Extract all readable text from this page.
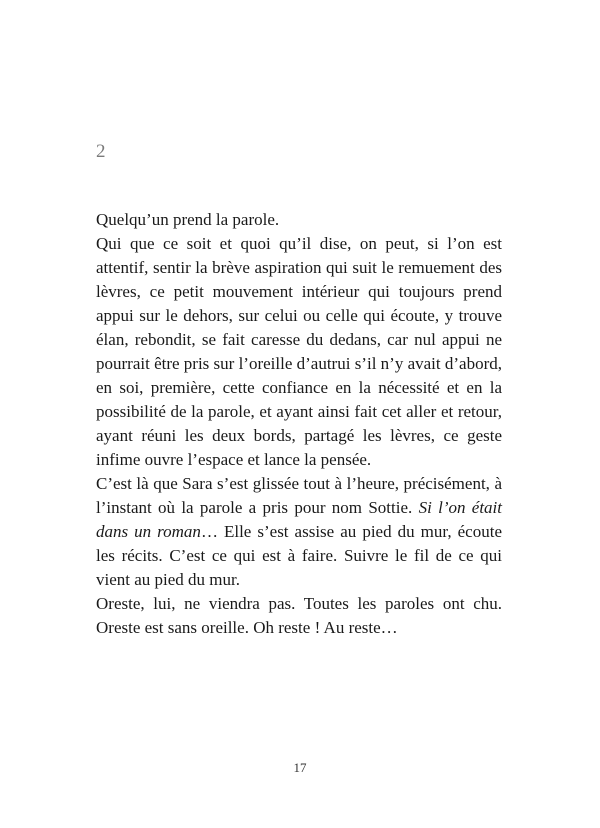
2

Quelqu’un prend la parole.

Qui que ce soit et quoi qu’il dise, on peut, si l’on est attentif, sentir la brève aspiration qui suit le remuement des lèvres, ce petit mouvement intérieur qui toujours prend appui sur le dehors, sur celui ou celle qui écoute, y trouve élan, rebondit, se fait caresse du dedans, car nul appui ne pourrait être pris sur l’oreille d’autrui s’il n’y avait d’abord, en soi, première, cette confiance en la nécessité et en la possibilité de la parole, et ayant ainsi fait cet aller et retour, ayant réuni les deux bords, partagé les lèvres, ce geste infime ouvre l’espace et lance la pensée.

C’est là que Sara s’est glissée tout à l’heure, précisément, à l’instant où la parole a pris pour nom Sottie. Si l’on était dans un roman… Elle s’est assise au pied du mur, écoute les récits. C’est ce qui est à faire. Suivre le fil de ce qui vient au pied du mur.

Oreste, lui, ne viendra pas. Toutes les paroles ont chu. Oreste est sans oreille. Oh reste ! Au reste…

17
